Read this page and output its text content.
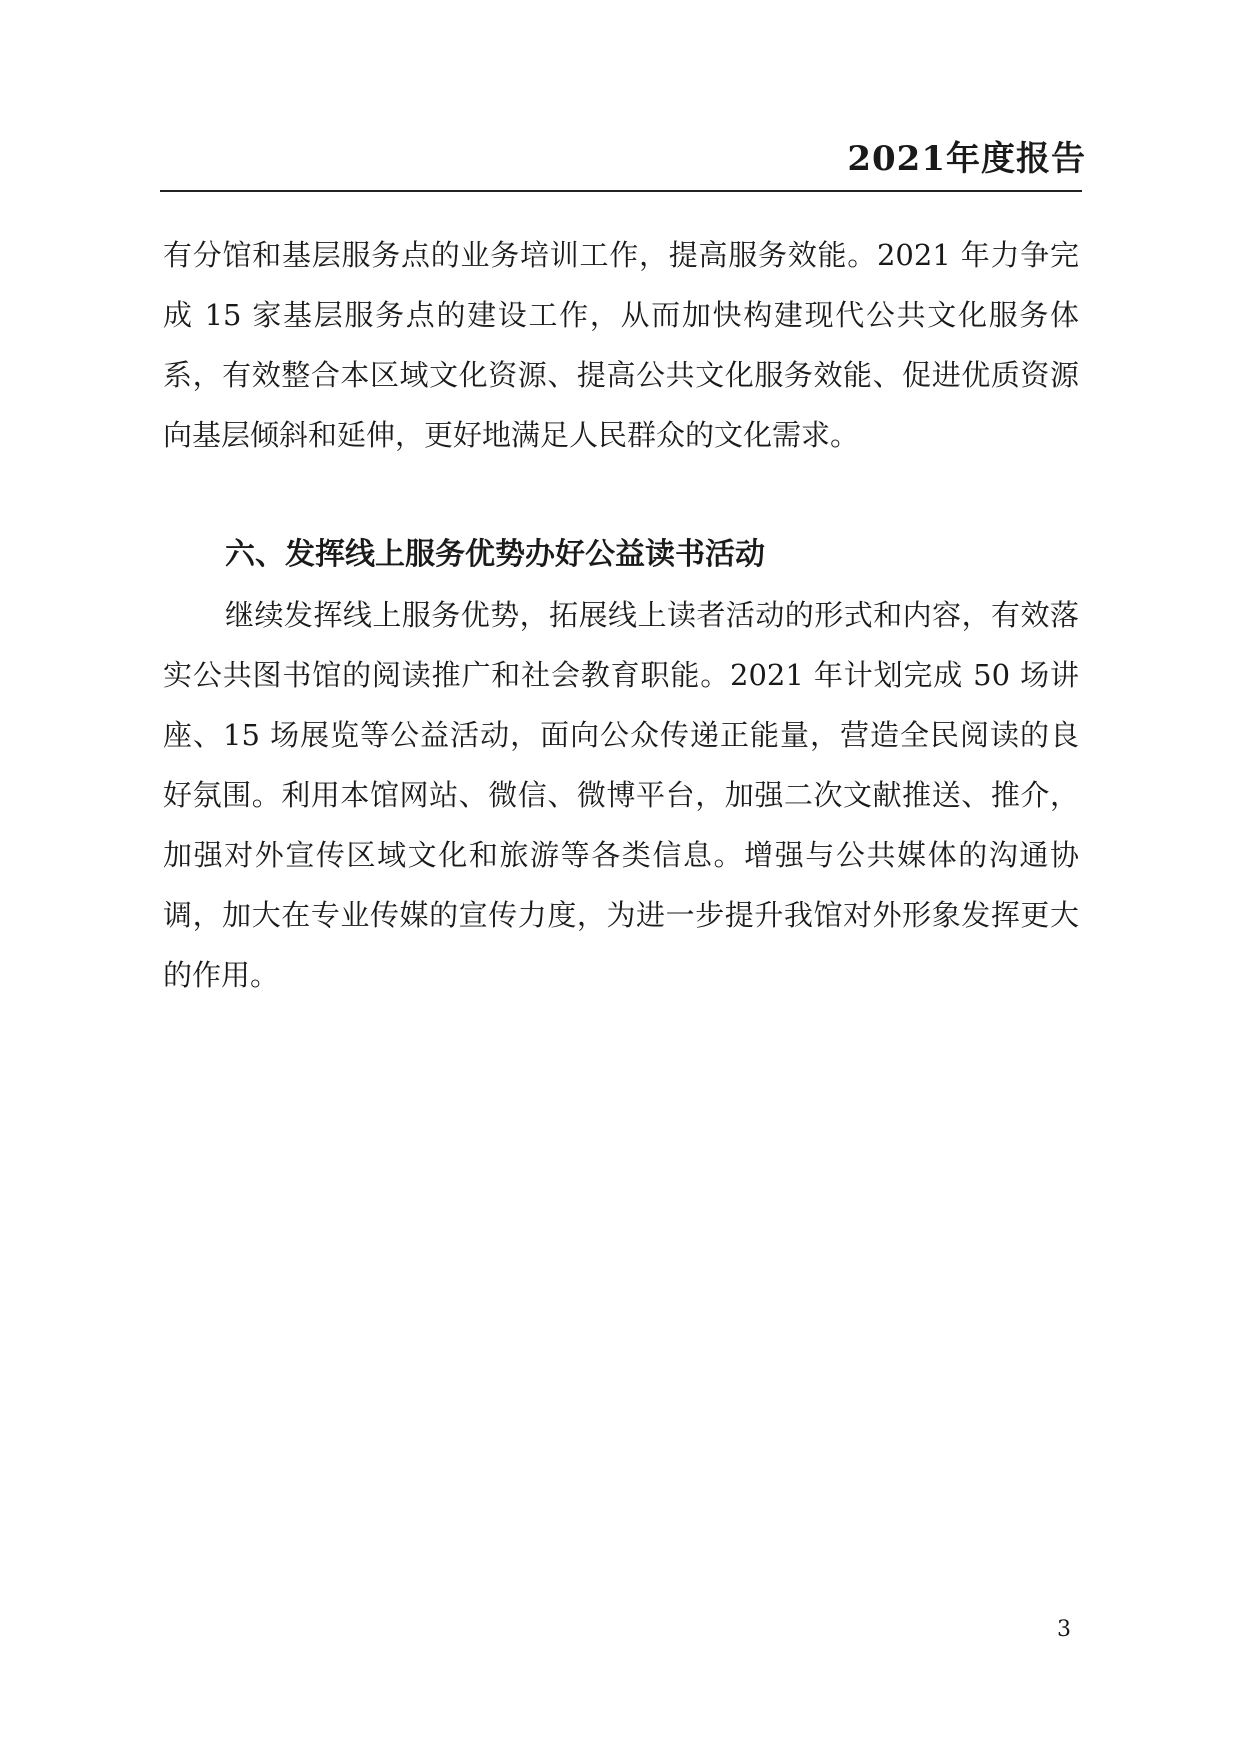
2021年度报告

有分馆和基层服务点的业务培训工作，提高服务效能。2021 年力争完成 15 家基层服务点的建设工作，从而加快构建现代公共文化服务体系，有效整合本区域文化资源、提高公共文化服务效能、促进优质资源向基层倾斜和延伸，更好地满足人民群众的文化需求。

六、发挥线上服务优势办好公益读书活动

继续发挥线上服务优势，拓展线上读者活动的形式和内容，有效落实公共图书馆的阅读推广和社会教育职能。2021 年计划完成 50 场讲座、15 场展览等公益活动，面向公众传递正能量，营造全民阅读的良好氛围。利用本馆网站、微信、微博平台，加强二次文献推送、推介，加强对外宣传区域文化和旅游等各类信息。增强与公共媒体的沟通协调，加大在专业传媒的宣传力度，为进一步提升我馆对外形象发挥更大的作用。

3
